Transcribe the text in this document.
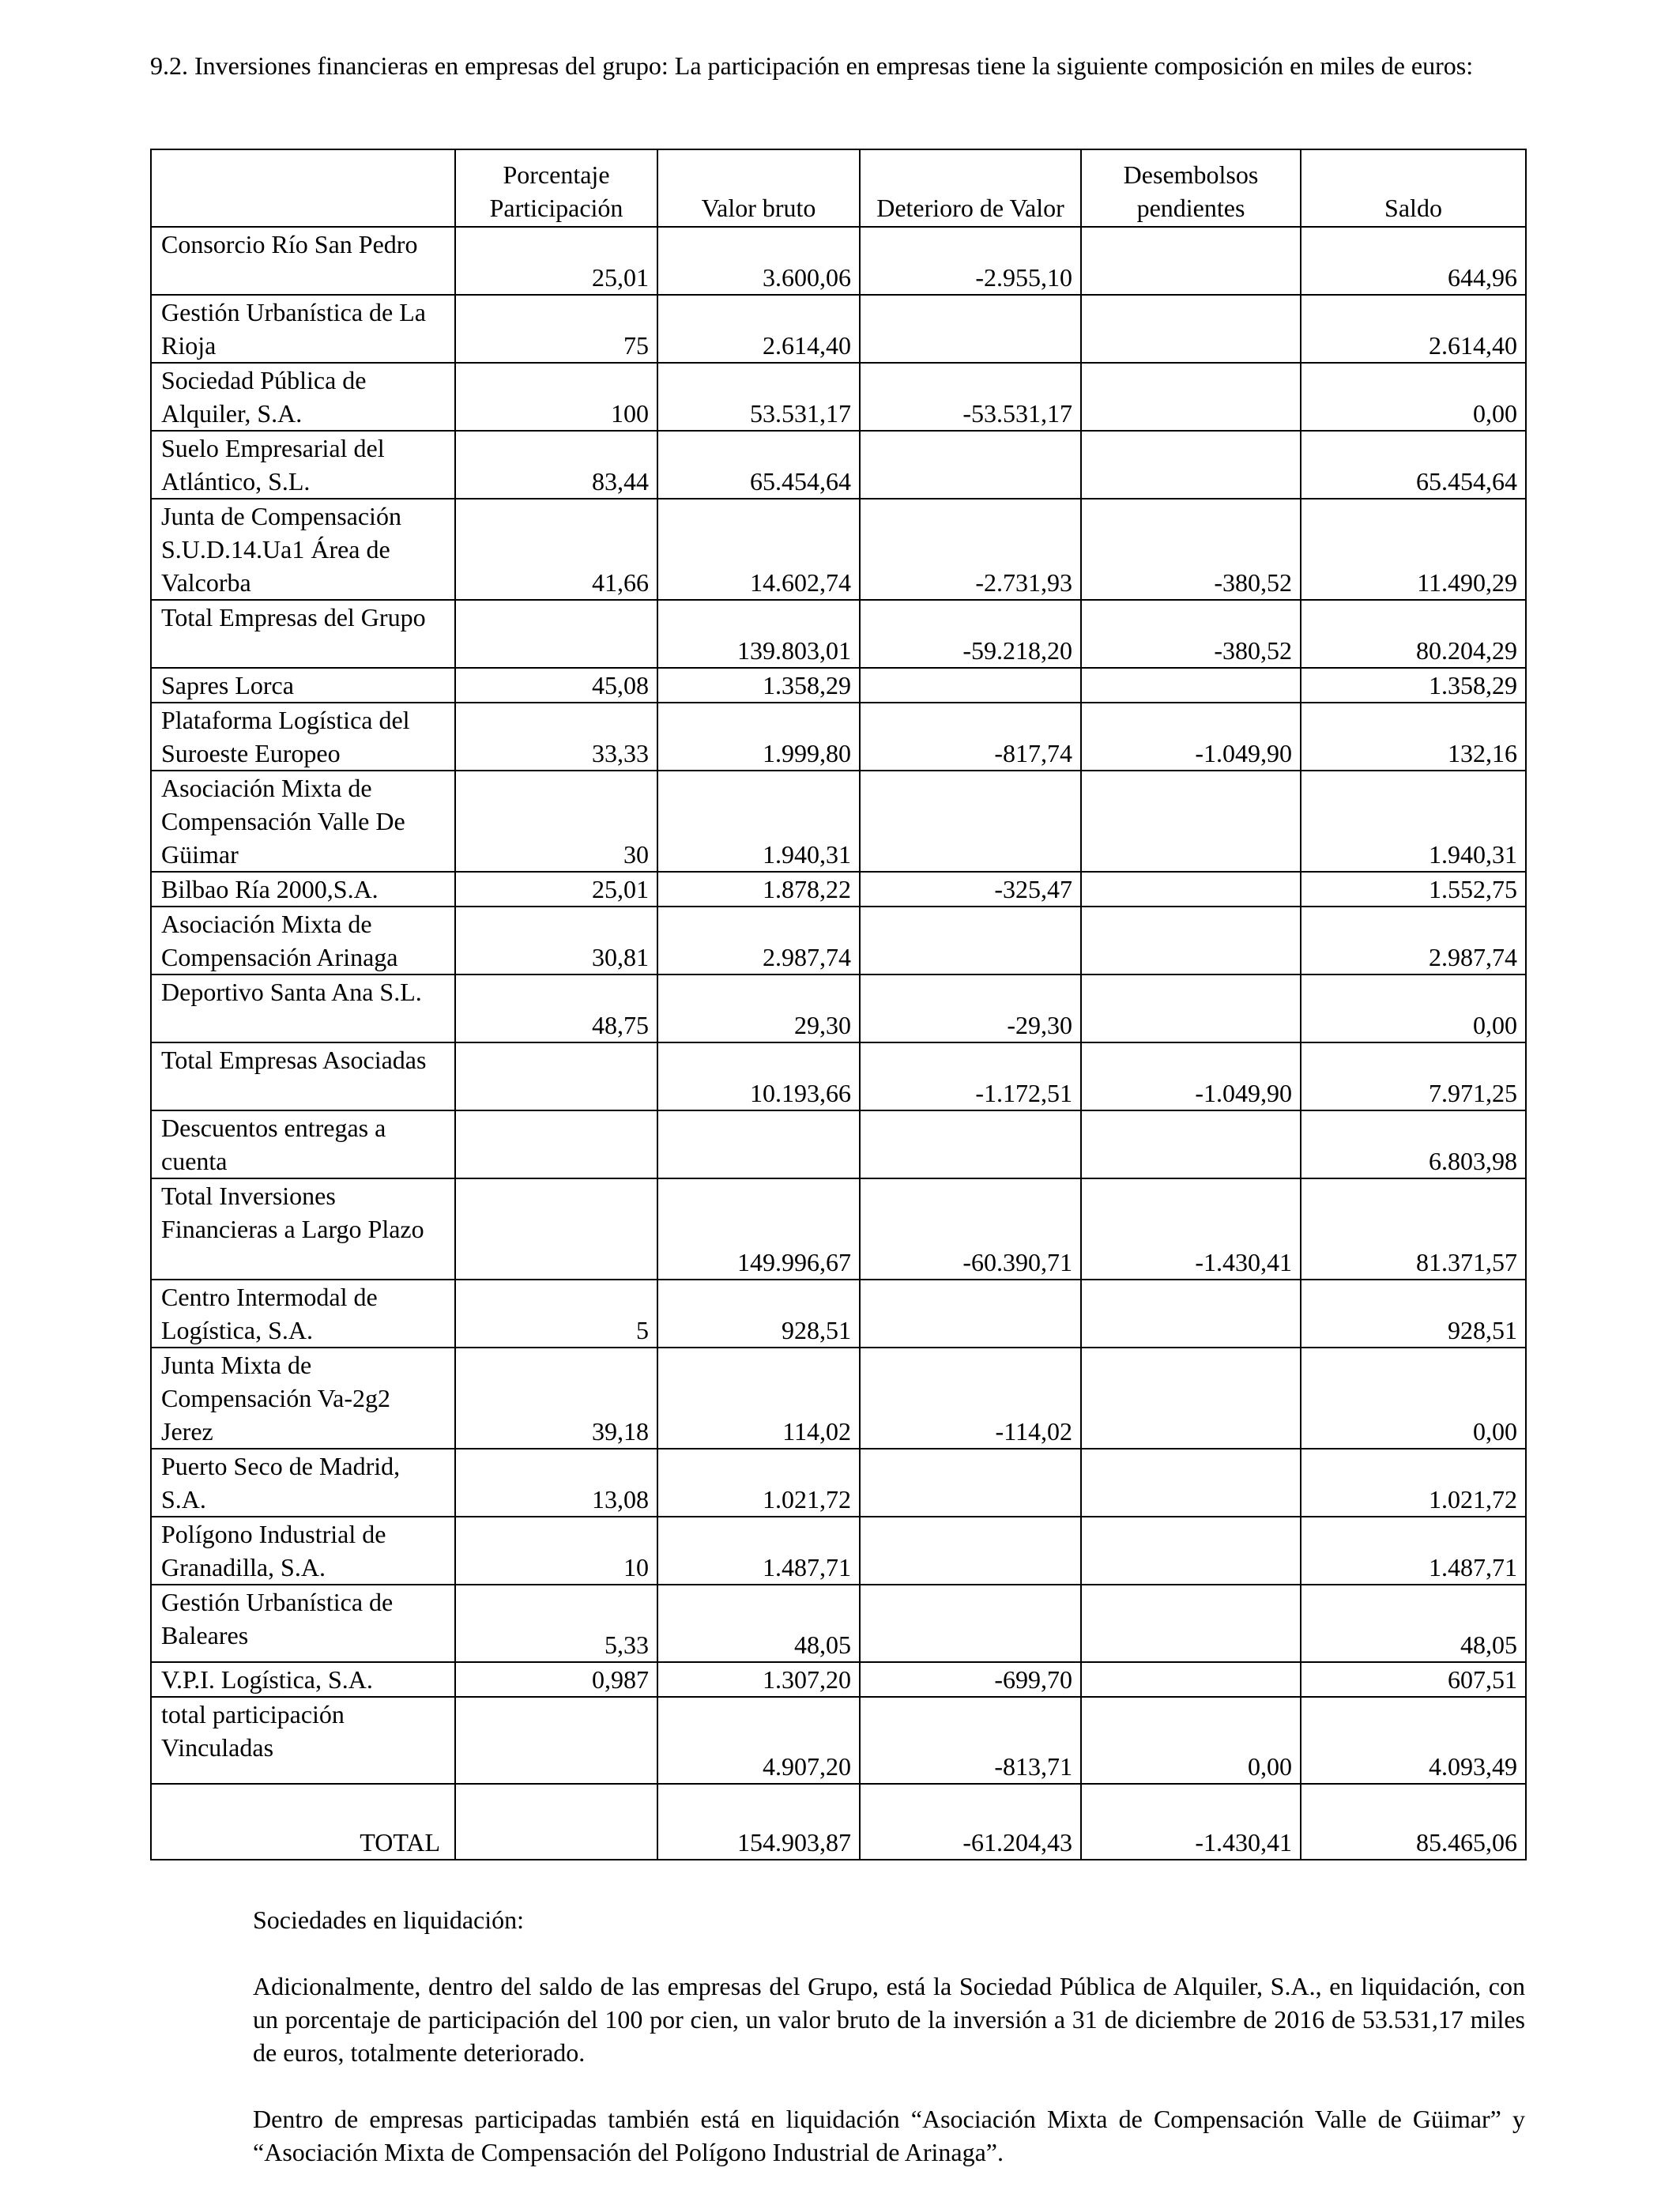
9.2. Inversiones financieras en empresas del grupo: La participación en empresas tiene la siguiente composición en miles de euros:

	Porcentaje Participación	Valor bruto	Deterioro de Valor	Desembolsos pendientes	Saldo
Consorcio Río San Pedro	25,01	3.600,06	-2.955,10		644,96
Gestión Urbanística de La Rioja	75	2.614,40			2.614,40
Sociedad Pública de Alquiler, S.A.	100	53.531,17	-53.531,17		0,00
Suelo Empresarial del Atlántico, S.L.	83,44	65.454,64			65.454,64
Junta de Compensación S.U.D.14.Ua1 Área de Valcorba	41,66	14.602,74	-2.731,93	-380,52	11.490,29
Total Empresas del Grupo		139.803,01	-59.218,20	-380,52	80.204,29
Sapres Lorca	45,08	1.358,29			1.358,29
Plataforma Logística del Suroeste Europeo	33,33	1.999,80	-817,74	-1.049,90	132,16
Asociación Mixta de Compensación Valle De Güimar	30	1.940,31			1.940,31
Bilbao Ría 2000,S.A.	25,01	1.878,22	-325,47		1.552,75
Asociación Mixta de Compensación Arinaga	30,81	2.987,74			2.987,74
Deportivo Santa Ana S.L.	48,75	29,30	-29,30		0,00
Total Empresas Asociadas		10.193,66	-1.172,51	-1.049,90	7.971,25
Descuentos entregas a cuenta					6.803,98
Total Inversiones Financieras a Largo Plazo		149.996,67	-60.390,71	-1.430,41	81.371,57
Centro Intermodal de Logística, S.A.	5	928,51			928,51
Junta Mixta de Compensación Va-2g2 Jerez	39,18	114,02	-114,02		0,00
Puerto Seco de Madrid, S.A.	13,08	1.021,72			1.021,72
Polígono Industrial de Granadilla, S.A.	10	1.487,71			1.487,71
Gestión Urbanística de Baleares	5,33	48,05			48,05
V.P.I. Logística, S.A.	0,987	1.307,20	-699,70		607,51
total participación Vinculadas		4.907,20	-813,71	0,00	4.093,49
TOTAL		154.903,87	-61.204,43	-1.430,41	85.465,06

Sociedades en liquidación:

Adicionalmente, dentro del saldo de las empresas del Grupo, está la Sociedad Pública de Alquiler, S.A., en liquidación, con un porcentaje de participación del 100 por cien, un valor bruto de la inversión a 31 de diciembre de 2016 de 53.531,17 miles de euros, totalmente deteriorado.

Dentro de empresas participadas también está en liquidación “Asociación Mixta de Compensación Valle de Güimar” y “Asociación Mixta de Compensación del Polígono Industrial de Arinaga”.
